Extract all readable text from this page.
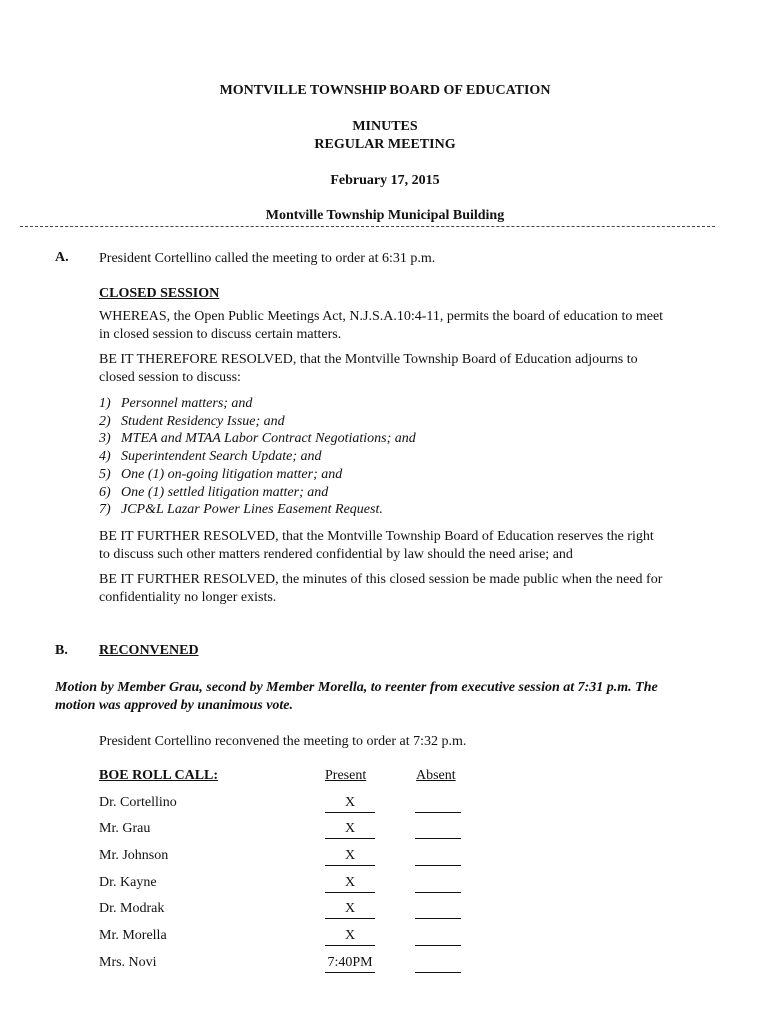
MONTVILLE TOWNSHIP BOARD OF EDUCATION
MINUTES
REGULAR MEETING
February 17, 2015
Montville Township Municipal Building
A. President Cortellino called the meeting to order at 6:31 p.m.
CLOSED SESSION
WHEREAS, the Open Public Meetings Act, N.J.S.A.10:4-11, permits the board of education to meet
in closed session to discuss certain matters.
BE IT THEREFORE RESOLVED, that the Montville Township Board of Education adjourns to
closed session to discuss:
1) Personnel matters; and
2) Student Residency Issue; and
3) MTEA and MTAA Labor Contract Negotiations; and
4) Superintendent Search Update; and
5) One (1) on-going litigation matter; and
6) One (1) settled litigation matter; and
7) JCP&L Lazar Power Lines Easement Request.
BE IT FURTHER RESOLVED, that the Montville Township Board of Education reserves the right
to discuss such other matters rendered confidential by law should the need arise; and
BE IT FURTHER RESOLVED, the minutes of this closed session be made public when the need for
confidentiality no longer exists.
B. RECONVENED
Motion by Member Grau, second by Member Morella, to reenter from executive session at 7:31 p.m. The
motion was approved by unanimous vote.
President Cortellino reconvened the meeting to order at 7:32 p.m.
BOE ROLL CALL:	Present	Absent
Dr. Cortellino	X
Mr. Grau	X
Mr. Johnson	X
Dr. Kayne	X
Dr. Modrak	X
Mr. Morella	X
Mrs. Novi	7:40PM
